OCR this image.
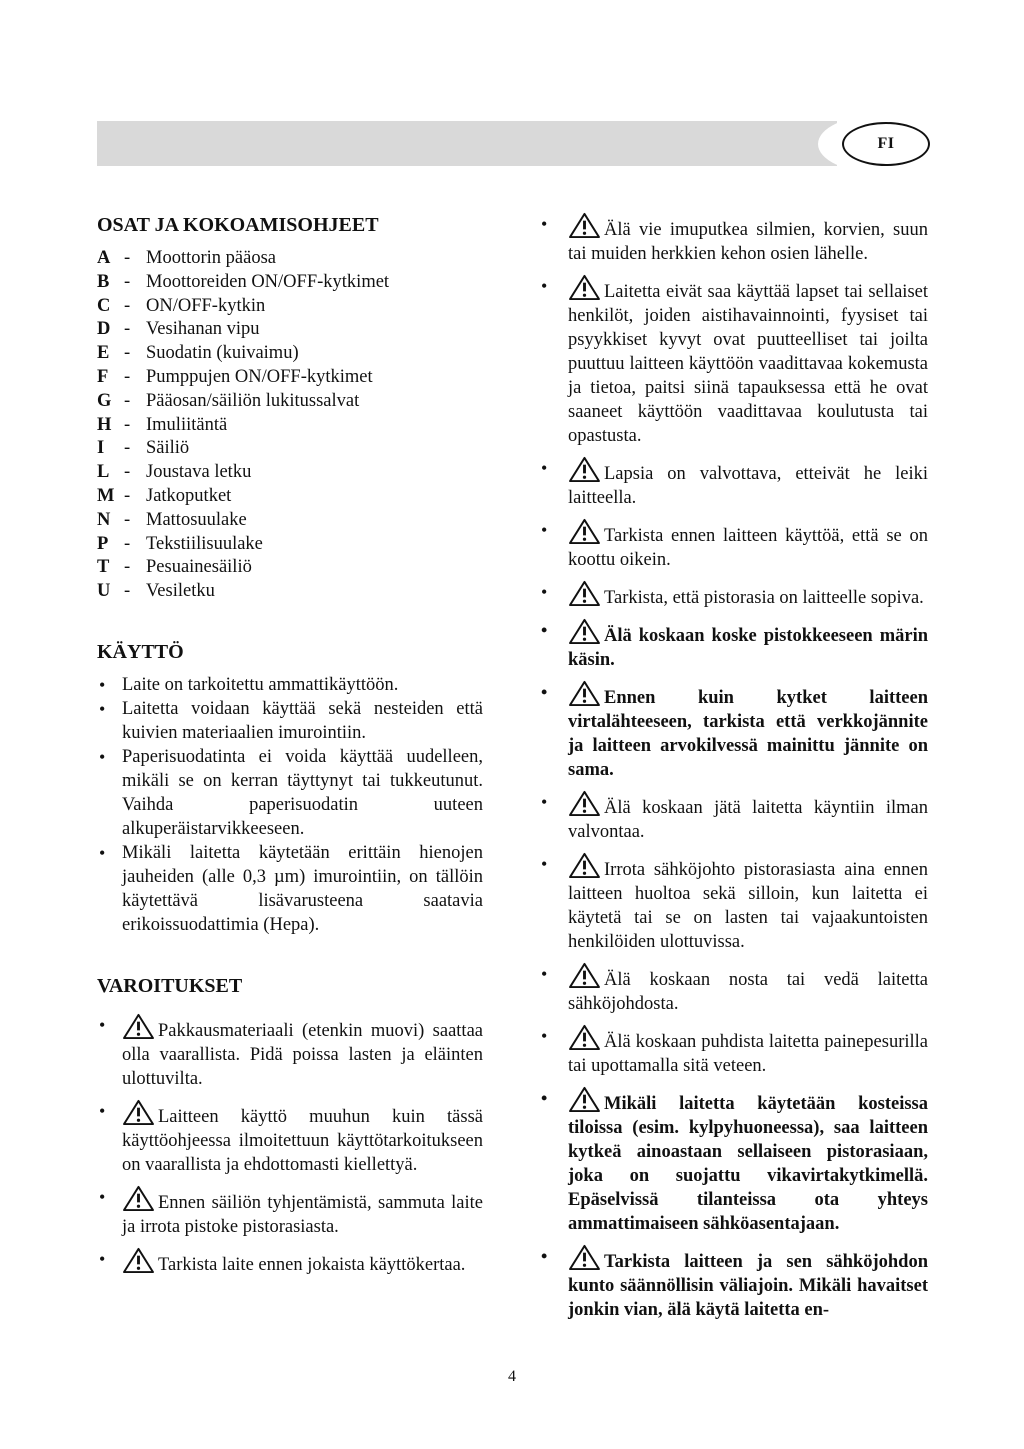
FI
OSAT JA KOKOAMISOHJEET
A - Moottorin pääosa
B - Moottoreiden ON/OFF-kytkimet
C - ON/OFF-kytkin
D - Vesihanan vipu
E - Suodatin (kuivaimu)
F - Pumppujen ON/OFF-kytkimet
G - Pääosan/säiliön lukitussalvat
H - Imuliitäntä
I	- Säiliö
L - Joustava letku
M - Jatkoputket
N - Mattosuulake
P - Tekstiilisuulake
T - Pesuainesäiliö
U - Vesiletku
KÄYTTÖ
• Laite on tarkoitettu ammattikäyttöön.
• Laitetta voidaan käyttää sekä nesteiden että kuivien materiaalien imurointiin.
• Paperisuodatinta ei voida käyttää uudelleen, mikäli se on kerran täyttynyt tai tukkeutunut. Vaihda paperisuodatin uuteen alkuperäistarvikkeeseen.
• Mikäli laitetta käytetään erittäin hienojen jauheiden (alle 0,3 µm) imurointiin, on tällöin käytettävä lisävarusteena saatavia erikoissuodattimia (Hepa).
VAROITUKSET
• Pakkausmateriaali (etenkin muovi) saattaa olla vaarallista. Pidä poissa lasten ja eläinten ulottuvilta.
• Laitteen käyttö muuhun kuin tässä käyttöohjeessa ilmoitettuun käyttötarkoitukseen on vaarallista ja ehdottomasti kiellettyä.
• Ennen säiliön tyhjentämistä, sammuta laite ja irrota pistoke pistorasiasta.
• Tarkista laite ennen jokaista käyttökertaa.
• Älä vie imuputkea silmien, korvien, suun tai muiden herkkien kehon osien lähelle.
• Laitetta eivät saa käyttää lapset tai sellaiset henkilöt, joiden aistihavainnointi, fyysiset tai psyykkiset kyvyt ovat puutteelliset tai joilta puuttuu laitteen käyttöön vaadittavaa kokemusta ja tietoa, paitsi siinä tapauksessa että he ovat saaneet käyttöön vaadittavaa koulutusta tai opastusta.
• Lapsia on valvottava, etteivät he leiki laitteella.
• Tarkista ennen laitteen käyttöä, että se on koottu oikein.
• Tarkista, että pistorasia on laitteelle sopiva.
• Älä koskaan koske pistokkeeseen märin käsin.
• Ennen kuin kytket laitteen virtalähteeseen, tarkista että verkkojännite ja laitteen arvokilvessä mainittu jännite on sama.
• Älä koskaan jätä laitetta käyntiin ilman valvontaa.
• Irrota sähköjohto pistorasiasta aina ennen laitteen huoltoa sekä silloin, kun laitetta ei käytetä tai se on lasten tai vajaakuntoisten henkilöiden ulottuvissa.
• Älä koskaan nosta tai vedä laitetta sähköjohdosta.
• Älä koskaan puhdista laitetta painepesurilla tai upottamalla sitä veteen.
• Mikäli laitetta käytetään kosteissa tiloissa (esim. kylpyhuoneessa), saa laitteen kytkeä ainoastaan sellaiseen pistorasiaan, joka on suojattu vikavirtakytkimellä. Epäselvissä tilanteissa ota yhteys ammattimaiseen sähköasentajaan.
• Tarkista laitteen ja sen sähköjohdon kunto säännöllisin väliajoin. Mikäli havaitset jonkin vian, älä käytä laitetta en-
4
